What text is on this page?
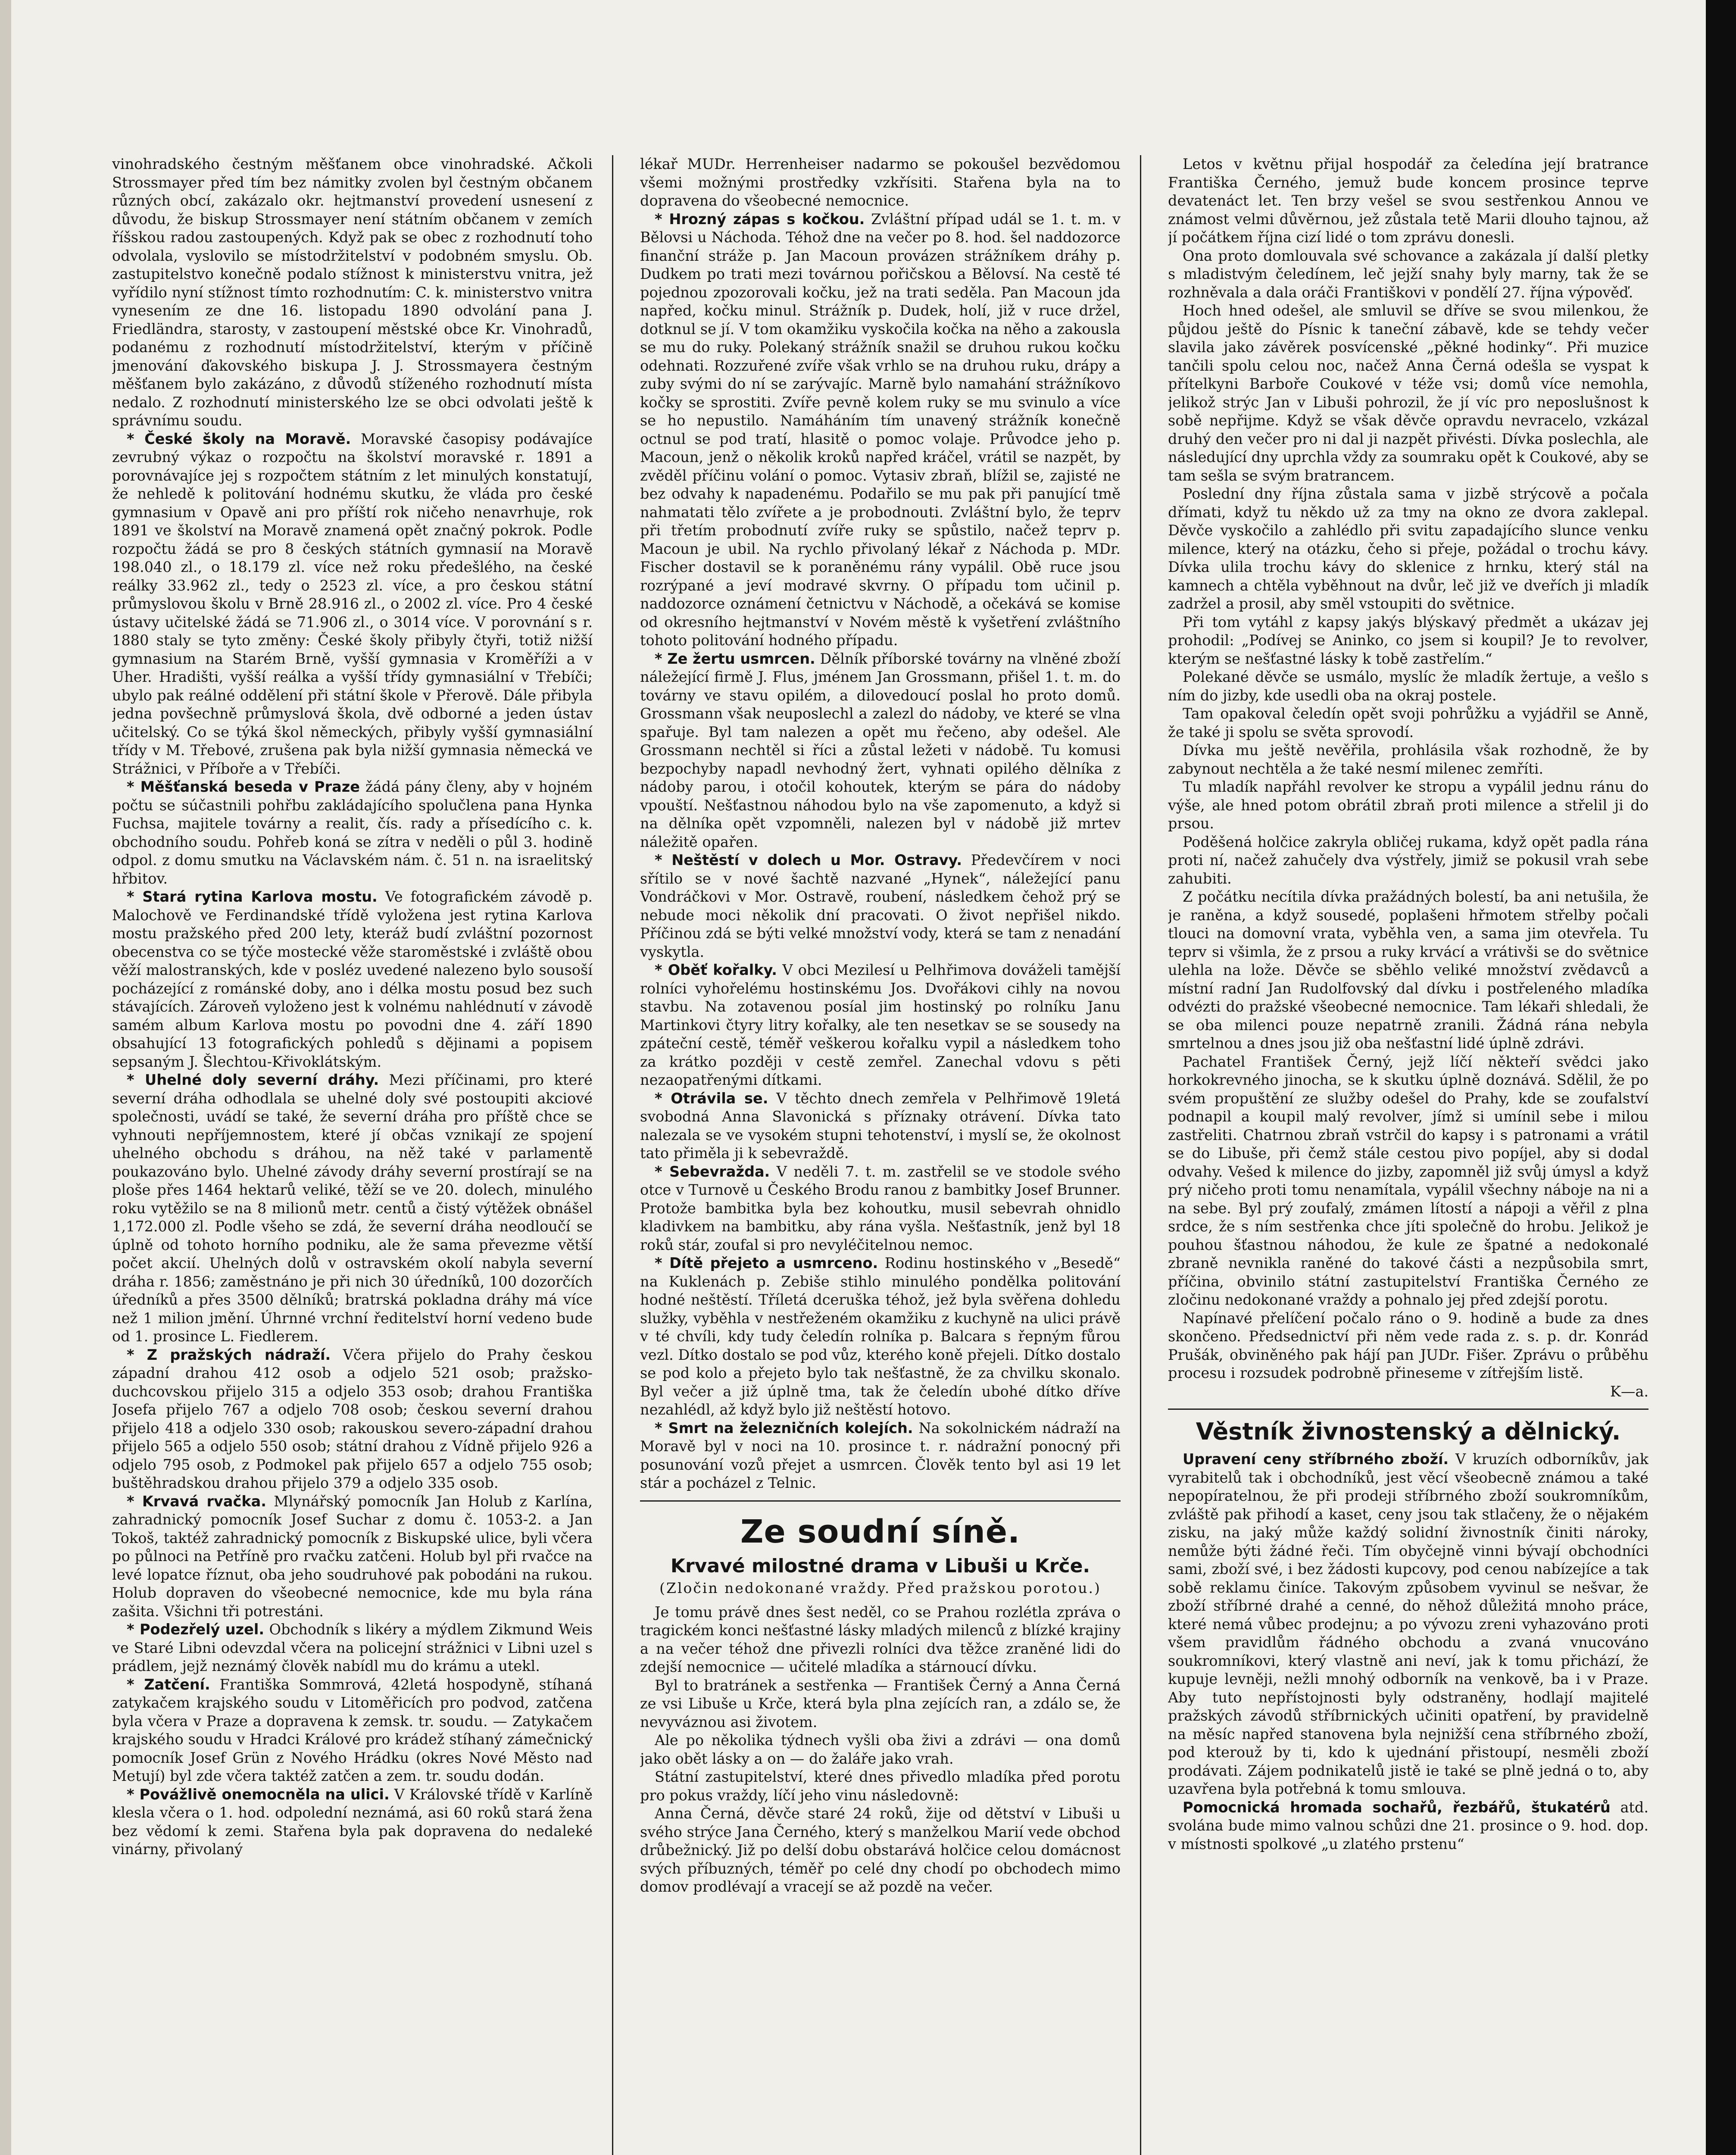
vinohradského čestným měšťanem obce vinohradské. Ačkoli Strossmayer před tím bez námitky zvolen byl čestným občanem různých obcí, zakázalo okr. hejtmanství provedení usnesení z důvodu, že biskup Strossmayer není státním občanem v zemích říšskou radou zastoupených. Když pak se obec z rozhodnutí toho odvolala, vyslovilo se místodržitelství v podobném smyslu. Ob. zastupitelstvo konečně podalo stížnost k ministerstvu vnitra, jež vyřídilo nyní stížnost tímto rozhodnutím: C. k. ministerstvo vnitra vynesením ze dne 16. listopadu 1890 odvolání pana J. Friedländra, starosty, v zastoupení městské obce Kr. Vinohradů, podanému z rozhodnutí místodržitelství, kterým v příčině jmenování ďakovského biskupa J. J. Strossmayera čestným měšťanem bylo zakázáno, z důvodů stíženého rozhodnutí místa nedalo. Z rozhodnutí ministerského lze se obci odvolati ještě k správnímu soudu.

* České školy na Moravě. Moravské časopisy podávajíce zevrubný výkaz o rozpočtu na školství moravské r. 1891 a porovnávajíce jej s rozpočtem státním z let minulých konstatují, že nehledě k politování hodnému skutku, že vláda pro české gymnasium v Opavě ani pro příští rok ničeho nenavrhuje, rok 1891 ve školství na Moravě znamená opět značný pokrok. Podle rozpočtu žádá se pro 8 českých státních gymnasií na Moravě 198.040 zl., o 18.179 zl. více než roku předešlého, na české reálky 33.962 zl., tedy o 2523 zl. více, a pro českou státní průmyslovou školu v Brně 28.916 zl., o 2002 zl. více. Pro 4 české ústavy učitelské žádá se 71.906 zl., o 3014 více. V porovnání s r. 1880 staly se tyto změny: České školy přibyly čtyři, totiž nižší gymnasium na Starém Brně, vyšší gymnasia v Kroměříži a v Uher. Hradišti, vyšší reálka a vyšší třídy gymnasiální v Třebíči; ubylo pak reálné oddělení při státní škole v Přerově. Dále přibyla jedna povšechně průmyslová škola, dvě odborné a jeden ústav učitelský. Co se týká škol německých, přibyly vyšší gymnasiální třídy v M. Třebové, zrušena pak byla nižší gymnasia německá ve Strážnici, v Příboře a v Třebíči.

* Měšťanská beseda v Praze žádá pány členy, aby v hojném počtu se súčastnili pohřbu zakládajícího spolučlena pana Hynka Fuchsa, majitele továrny a realit, čís. rady a přísedícího c. k. obchodního soudu. Pohřeb koná se zítra v neděli o půl 3. hodině odpol. z domu smutku na Václavském nám. č. 51 n. na israelitský hřbitov.

* Stará rytina Karlova mostu. Ve fotografickém závodě p. Malochově ve Ferdinandské třídě vyložena jest rytina Karlova mostu pražského před 200 lety, kteráž budí zvláštní pozornost obecenstva co se týče mostecké věže staroměstské i zvláště obou věží malostranských, kde v posléz uvedené nalezeno bylo sousoší pocházející z románské doby, ano i délka mostu posud bez such stávajících. Zároveň vyloženo jest k volnému nahlédnutí v závodě samém album Karlova mostu po povodni dne 4. září 1890 obsahující 13 fotografických pohledů s dějinami a popisem sepsaným J. Šlechtou-Křivoklátským.

* Uhelné doly severní dráhy. Mezi příčinami, pro které severní dráha odhodlala se uhelné doly své postoupiti akciové společnosti, uvádí se také, že severní dráha pro příště chce se vyhnouti nepříjemnostem, které jí občas vznikají ze spojení uhelného obchodu s dráhou, na něž také v parlamentě poukazováno bylo. Uhelné závody dráhy severní prostírají se na ploše přes 1464 hektarů veliké, těží se ve 20. dolech, minulého roku vytěžilo se na 8 milionů metr. centů a čistý výtěžek obnášel 1,172.000 zl. Podle všeho se zdá, že severní dráha neodloučí se úplně od tohoto horního podniku, ale že sama převezme větší počet akcií. Uhelných dolů v ostravském okolí nabyla severní dráha r. 1856; zaměstnáno je při nich 30 úředníků, 100 dozorčích úředníků a přes 3500 dělníků; bratrská pokladna dráhy má více než 1 milion jmění. Úhrnné vrchní ředitelství horní vedeno bude od 1. prosince L. Fiedlerem.

* Z pražských nádraží. Včera přijelo do Prahy českou západní drahou 412 osob a odjelo 521 osob; pražsko-duchcovskou přijelo 315 a odjelo 353 osob; drahou Františka Josefa přijelo 767 a odjelo 708 osob; českou severní drahou přijelo 418 a odjelo 330 osob; rakouskou severo-západní drahou přijelo 565 a odjelo 550 osob; státní drahou z Vídně přijelo 926 a odjelo 795 osob, z Podmokel pak přijelo 657 a odjelo 755 osob; buštěhradskou drahou přijelo 379 a odjelo 335 osob.

* Krvavá rvačka. Mlynářský pomocník Jan Holub z Karlína, zahradnický pomocník Josef Suchar z domu č. 1053-2. a Jan Tokoš, taktéž zahradnický pomocník z Biskupské ulice, byli včera po půlnoci na Petříně pro rvačku zatčeni. Holub byl při rvačce na levé lopatce říznut, oba jeho soudruhové pak pobodáni na rukou. Holub dopraven do všeobecné nemocnice, kde mu byla rána zašita. Všichni tři potrestáni.

* Podezřelý uzel. Obchodník s likéry a mýdlem Zikmund Weis ve Staré Libni odevzdal včera na policejní strážnici v Libni uzel s prádlem, jejž neznámý člověk nabídl mu do krámu a utekl.

* Zatčení. Františka Sommrová, 42letá hospodyně, stíhaná zatykačem krajského soudu v Litoměřicích pro podvod, zatčena byla včera v Praze a dopravena k zemsk. tr. soudu. — Zatykačem krajského soudu v Hradci Králové pro krádež stíhaný zámečnický pomocník Josef Grün z Nového Hrádku (okres Nové Město nad Metují) byl zde včera taktéž zatčen a zem. tr. soudu dodán.

* Povážlivě onemocněla na ulici. V Královské třídě v Karlíně klesla včera o 1. hod. odpolední neznámá, asi 60 roků stará žena bez vědomí k zemi. Stařena byla pak dopravena do nedaleké vinárny, přivolaný

lékař MUDr. Herrenheiser nadarmo se pokoušel bezvědomou všemi možnými prostředky vzkřísiti. Stařena byla na to dopravena do všeobecné nemocnice.

* Hrozný zápas s kočkou. Zvláštní případ udál se 1. t. m. v Bělovsi u Náchoda. Téhož dne na večer po 8. hod. šel naddozorce finanční stráže p. Jan Macoun provázen strážníkem dráhy p. Dudkem po trati mezi továrnou pořičskou a Bělovsí. Na cestě té pojednou zpozorovali kočku, jež na trati seděla. Pan Macoun jda napřed, kočku minul. Strážník p. Dudek, holí, již v ruce držel, dotknul se jí. V tom okamžiku vyskočila kočka na něho a zakousla se mu do ruky. Polekaný strážník snažil se druhou rukou kočku odehnati. Rozzuřené zvíře však vrhlo se na druhou ruku, drápy a zuby svými do ní se zarývajíc. Marně bylo namahání strážníkovo kočky se sprostiti. Zvíře pevně kolem ruky se mu svinulo a více se ho nepustilo. Namáháním tím unavený strážník konečně octnul se pod tratí, hlasitě o pomoc volaje. Průvodce jeho p. Macoun, jenž o několik kroků napřed kráčel, vrátil se nazpět, by zvěděl příčinu volání o pomoc. Vytasiv zbraň, blížil se, zajisté ne bez odvahy k napadenému. Podařilo se mu pak při panující tmě nahmatati tělo zvířete a je probodnouti. Zvláštní bylo, že teprv při třetím probodnutí zvíře ruky se spůstilo, načež teprv p. Macoun je ubil. Na rychlo přivolaný lékař z Náchoda p. MDr. Fischer dostavil se k poraněnému rány vypálil. Obě ruce jsou rozrýpané a jeví modravé skvrny. O případu tom učinil p. naddozorce oznámení četnictvu v Náchodě, a očekává se komise od okresního hejtmanství v Novém městě k vyšetření zvláštního tohoto politování hodného případu.

* Ze žertu usmrcen. Dělník příborské továrny na vlněné zboží náležející firmě J. Flus, jménem Jan Grossmann, přišel 1. t. m. do továrny ve stavu opilém, a dilovedoucí poslal ho proto domů. Grossmann však neuposlechl a zalezl do nádoby, ve které se vlna spařuje. Byl tam nalezen a opět mu řečeno, aby odešel. Ale Grossmann nechtěl si říci a zůstal ležeti v nádobě. Tu komusi bezpochyby napadl nevhodný žert, vyhnati opilého dělníka z nádoby parou, i otočil kohoutek, kterým se pára do nádoby vpouští. Nešťastnou náhodou bylo na vše zapomenuto, a když si na dělníka opět vzpomněli, nalezen byl v nádobě již mrtev náležitě opařen.

* Neštěstí v dolech u Mor. Ostravy. Předevčírem v noci sřítilo se v nové šachtě nazvané „Hynek“, náležející panu Vondráčkovi v Mor. Ostravě, roubení, následkem čehož prý se nebude moci několik dní pracovati. O život nepřišel nikdo. Příčinou zdá se býti velké množství vody, která se tam z nenadání vyskytla.

* Oběť kořalky. V obci Mezilesí u Pelhřimova dováželi tamější rolníci vyhořelému hostinskému Jos. Dvořákovi cihly na novou stavbu. Na zotavenou posíal jim hostinský po rolníku Janu Martinkovi čtyry litry kořalky, ale ten nesetkav se se sousedy na zpáteční cestě, téměř veškerou kořalku vypil a následkem toho za krátko později v cestě zemřel. Zanechal vdovu s pěti nezaopatřenými dítkami.

* Otrávila se. V těchto dnech zemřela v Pelhřimově 19letá svobodná Anna Slavonická s příznaky otrávení. Dívka tato nalezala se ve vysokém stupni tehotenství, i myslí se, že okolnost tato přiměla ji k sebevraždě.

* Sebevražda. V neděli 7. t. m. zastřelil se ve stodole svého otce v Turnově u Českého Brodu ranou z bambitky Josef Brunner. Protože bambitka byla bez kohoutku, musil sebevrah ohnidlo kladivkem na bambitku, aby rána vyšla. Nešťastník, jenž byl 18 roků stár, zoufal si pro nevyléčitelnou nemoc.

* Dítě přejeto a usmrceno. Rodinu hostinského v „Besedě“ na Kuklenách p. Zebiše stihlo minulého pondělka politování hodné neštěstí. Tříletá dceruška téhož, jež byla svěřena dohledu služky, vyběhla v nestřeženém okamžiku z kuchyně na ulici právě v té chvíli, kdy tudy čeledín rolníka p. Balcara s řepným fůrou vezl. Dítko dostalo se pod vůz, kterého koně přejeli. Dítko dostalo se pod kolo a přejeto bylo tak nešťastně, že za chvilku skonalo. Byl večer a již úplně tma, tak že čeledín ubohé dítko dříve nezahlédl, až když bylo již neštěstí hotovo.

* Smrt na železničních kolejích. Na sokolnickém nádraží na Moravě byl v noci na 10. prosince t. r. nádražní ponocný při posunování vozů přejet a usmrcen. Člověk tento byl asi 19 let stár a pocházel z Telnic.

Ze soudní síně.
Krvavé milostné drama v Libuši u Krče.
(Zločin nedokonané vraždy. Před pražskou porotou.)

Je tomu právě dnes šest neděl, co se Prahou rozlétla zpráva o tragickém konci nešťastné lásky mladých milenců z blízké krajiny a na večer téhož dne přivezli rolníci dva těžce zraněné lidi do zdejší nemocnice — učitelé mladíka a stárnoucí dívku.

Byl to bratránek a sestřenka — František Černý a Anna Černá ze vsi Libuše u Krče, která byla plna zejících ran, a zdálo se, že nevyváznou asi životem.

Ale po několika týdnech vyšli oba živi a zdrávi — ona domů jako obět lásky a on — do žaláře jako vrah.

Státní zastupitelství, které dnes přivedlo mladíka před porotu pro pokus vraždy, líčí jeho vinu následovně:

Anna Černá, děvče staré 24 roků, žije od dětství v Libuši u svého strýce Jana Černého, který s manželkou Marií vede obchod drůbežnický. Již po delší dobu obstarává holčice celou domácnost svých příbuzných, téměř po celé dny chodí po obchodech mimo domov prodlévají a vracejí se až pozdě na večer.

Letos v květnu přijal hospodář za čeledína její bratrance Františka Černého, jemuž bude koncem prosince teprve devatenáct let. Ten brzy vešel se svou sestřenkou Annou ve známost velmi důvěrnou, jež zůstala tetě Marii dlouho tajnou, až jí počátkem října cizí lidé o tom zprávu donesli.

Ona proto domlouvala své schovance a zakázala jí další pletky s mladistvým čeledínem, leč jejží snahy byly marny, tak že se rozhněvala a dala oráči Františkovi v pondělí 27. října výpověď.

Hoch hned odešel, ale smluvil se dříve se svou milenkou, že půjdou ještě do Písnic k taneční zábavě, kde se tehdy večer slavila jako závěrek posvícenské „pěkné hodinky“. Při muzice tančili spolu celou noc, načež Anna Černá odešla se vyspat k přítelkyni Barboře Coukové v téže vsi; domů více nemohla, jelikož strýc Jan v Libuši pohrozil, že jí víc pro neposlušnost k sobě nepřijme. Když se však děvče opravdu nevracelo, vzkázal druhý den večer pro ni dal ji nazpět přivésti. Dívka poslechla, ale následující dny uprchla vždy za soumraku opět k Coukové, aby se tam sešla se svým bratrancem.

Poslední dny října zůstala sama v jizbě strýcově a počala dřímati, když tu někdo už za tmy na okno ze dvora zaklepal. Děvče vyskočilo a zahlédlo při svitu zapadajícího slunce venku milence, který na otázku, čeho si přeje, požádal o trochu kávy. Dívka ulila trochu kávy do sklenice z hrnku, který stál na kamnech a chtěla vyběhnout na dvůr, leč již ve dveřích ji mladík zadržel a prosil, aby směl vstoupiti do světnice.

Při tom vytáhl z kapsy jakýs blýskavý předmět a ukázav jej prohodil: „Podívej se Aninko, co jsem si koupil? Je to revolver, kterým se nešťastné lásky k tobě zastřelím.“

Polekané děvče se usmálo, myslíc že mladík žertuje, a vešlo s ním do jizby, kde usedli oba na okraj postele.

Tam opakoval čeledín opět svoji pohrůžku a vyjádřil se Anně, že také ji spolu se světa sprovodí.

Dívka mu ještě nevěřila, prohlásila však rozhodně, že by zabynout nechtěla a že také nesmí milenec zemříti.

Tu mladík napřáhl revolver ke stropu a vypálil jednu ránu do výše, ale hned potom obrátil zbraň proti milence a střelil ji do prsou.

Poděšená holčice zakryla obličej rukama, když opět padla rána proti ní, načež zahučely dva výstřely, jimiž se pokusil vrah sebe zahubiti.

Z počátku necítila dívka pražádných bolestí, ba ani netušila, že je raněna, a když sousedé, poplašeni hřmotem střelby počali tlouci na domovní vrata, vyběhla ven, a sama jim otevřela. Tu teprv si všimla, že z prsou a ruky krvácí a vrátivši se do světnice ulehla na lože. Děvče se sběhlo veliké množství zvědavců a místní radní Jan Rudolfovský dal dívku i postřeleného mladíka odvézti do pražské všeobecné nemocnice. Tam lékaři shledali, že se oba milenci pouze nepatrně zranili. Žádná rána nebyla smrtelnou a dnes jsou již oba nešťastní lidé úplně zdrávi.

Pachatel František Černý, jejž líčí někteří svědci jako horkokrevného jinocha, se k skutku úplně doznává. Sdělil, že po svém propuštění ze služby odešel do Prahy, kde se zoufalství podnapil a koupil malý revolver, jímž si umínil sebe i milou zastřeliti. Chatrnou zbraň vstrčil do kapsy i s patronami a vrátil se do Libuše, při čemž stále cestou pivo popíjel, aby si dodal odvahy. Vešed k milence do jizby, zapomněl již svůj úmysl a když prý ničeho proti tomu nenamítala, vypálil všechny náboje na ni a na sebe. Byl prý zoufalý, zmámen lítostí a nápoji a věřil z plna srdce, že s ním sestřenka chce jíti společně do hrobu. Jelikož je pouhou šťastnou náhodou, že kule ze špatné a nedokonalé zbraně nevnikla raněné do takové části a nezpůsobila smrt, příčina, obvinilo státní zastupitelství Františka Černého ze zločinu nedokonané vraždy a pohnalo jej před zdejší porotu.

Napínavé přelíčení počalo ráno o 9. hodině a bude za dnes skončeno. Předsednictví při něm vede rada z. s. p. dr. Konrád Prušák, obviněného pak hájí pan JUDr. Fišer. Zprávu o průběhu procesu i rozsudek podrobně přineseme v zítřejším listě.

K—a.

Věstník živnostenský a dělnický.

Upravení ceny stříbrného zboží. V kruzích odborníkův, jak vyrabitelů tak i obchodníků, jest věcí všeobecně známou a také nepopíratelnou, že při prodeji stříbrného zboží soukromníkům, zvláště pak přihodí a kaset, ceny jsou tak stlačeny, že o nějakém zisku, na jaký může každý solidní živnostník činiti nároky, nemůže býti žádné řeči. Tím obyčejně vinni bývají obchodníci sami, zboží své, i bez žádosti kupcovy, pod cenou nabízejíce a tak sobě reklamu činíce. Takovým způsobem vyvinul se nešvar, že zboží stříbrné drahé a cenné, do něhož důležitá mnoho práce, které nemá vůbec prodejnu; a po vývozu zreni vyhazováno proti všem pravidlům řádného obchodu a zvaná vnucováno soukromníkovi, který vlastně ani neví, jak k tomu přichází, že kupuje levněji, nežli mnohý odborník na venkově, ba i v Praze. Aby tuto nepřístojnosti byly odstraněny, hodlají majitelé pražských závodů stříbrnických učiniti opatření, by pravidelně na měsíc napřed stanovena byla nejnižší cena stříbrného zboží, pod kterouž by ti, kdo k ujednání přistoupí, nesměli zboží prodávati. Zájem podnikatelů jistě ie také se plně jedná o to, aby uzavřena byla potřebná k tomu smlouva.

Pomocnická hromada sochařů, řezbářů, štukatérů atd. svolána bude mimo valnou schůzi dne 21. prosince o 9. hod. dop. v místnosti spolkové „u zlatého prstenu“
